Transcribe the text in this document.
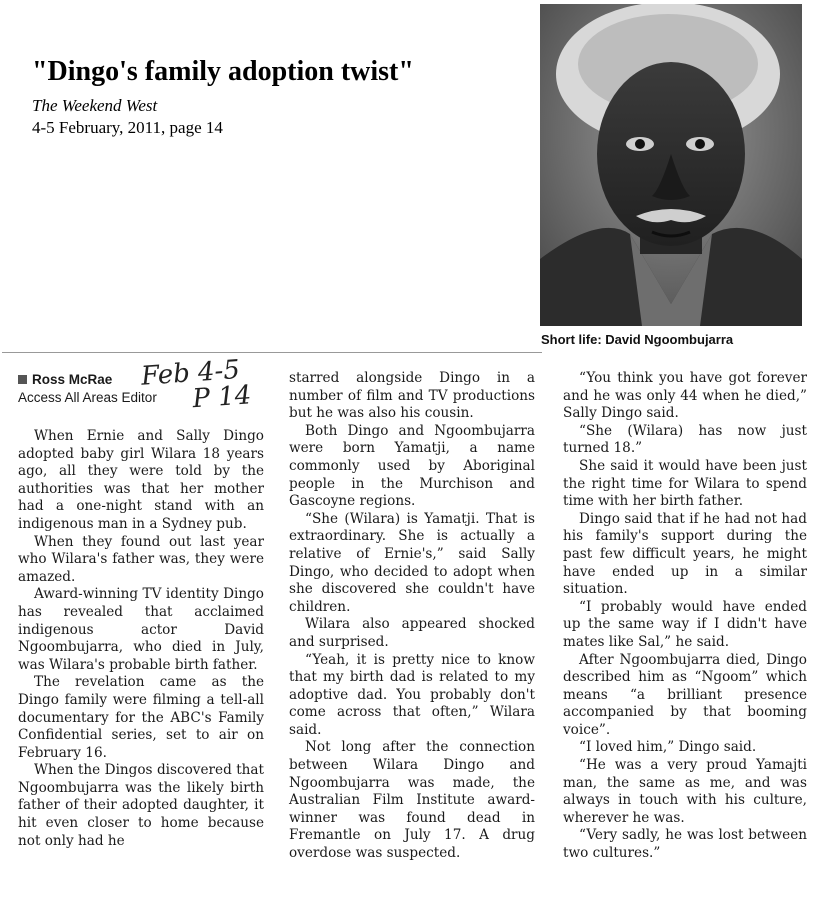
"Dingo's family adoption twist"
The Weekend West
4-5 February, 2011, page 14
Short life: David Ngoombujarra
Ross McRae
Access All Areas Editor
Feb 4-5
P 14

When Ernie and Sally Dingo adopted baby girl Wilara 18 years ago, all they were told by the authorities was that her mother had a one-night stand with an indigenous man in a Sydney pub.

When they found out last year who Wilara's father was, they were amazed.

Award-winning TV identity Dingo has revealed that acclaimed indigenous actor David Ngoombujarra, who died in July, was Wilara's probable birth father.

The revelation came as the Dingo family were filming a tell-all documentary for the ABC's Family Confidential series, set to air on February 16.

When the Dingos discovered that Ngoombujarra was the likely birth father of their adopted daughter, it hit even closer to home because not only had he

starred alongside Dingo in a number of film and TV productions but he was also his cousin.

Both Dingo and Ngoombujarra were born Yamatji, a name commonly used by Aboriginal people in the Murchison and Gascoyne regions.

“She (Wilara) is Yamatji. That is extraordinary. She is actually a relative of Ernie's,” said Sally Dingo, who decided to adopt when she discovered she couldn't have children.

Wilara also appeared shocked and surprised.

“Yeah, it is pretty nice to know that my birth dad is related to my adoptive dad. You probably don't come across that often,” Wilara said.

Not long after the connection between Wilara Dingo and Ngoombujarra was made, the Australian Film Institute award-winner was found dead in Fremantle on July 17. A drug overdose was suspected.

“You think you have got forever and he was only 44 when he died,” Sally Dingo said.

“She (Wilara) has now just turned 18.”

She said it would have been just the right time for Wilara to spend time with her birth father.

Dingo said that if he had not had his family's support during the past few difficult years, he might have ended up in a similar situation.

“I probably would have ended up the same way if I didn't have mates like Sal,” he said.

After Ngoombujarra died, Dingo described him as “Ngoom” which means “a brilliant presence accompanied by that booming voice”.

“I loved him,” Dingo said.

“He was a very proud Yamajti man, the same as me, and was always in touch with his culture, wherever he was.

“Very sadly, he was lost between two cultures.”
